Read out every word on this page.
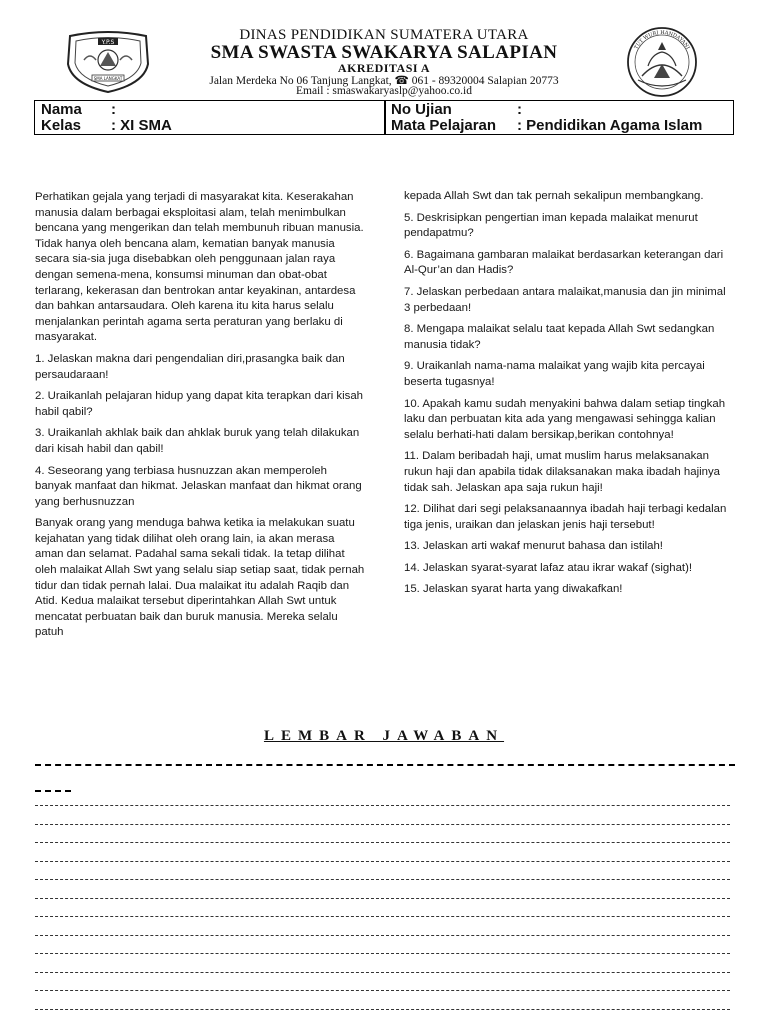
Y.P.S
SMA LANGKAT
DINAS PENDIDIKAN SUMATERA UTARA
SMA SWASTA SWAKARYA SALAPIAN
AKREDITASI A
Jalan Merdeka No 06 Tanjung Langkat, ☎ 061 - 89320004 Salapian 20773
Email : smaswakaryaslp@yahoo.co.id
TUT WURI HANDAYANI
Nama :
Kelas : XI SMA
No Ujian	:
Mata Pelajaran : Pendidikan Agama Islam

Perhatikan gejala yang terjadi di masyarakat kita. Keserakahan manusia dalam berbagai eksploitasi alam, telah menimbulkan bencana yang mengerikan dan telah membunuh ribuan manusia. Tidak hanya oleh bencana alam, kematian banyak manusia secara sia-sia juga disebabkan oleh penggunaan jalan raya dengan semena-mena, konsumsi minuman dan obat-obat terlarang, kekerasan dan bentrokan antar keyakinan, antardesa dan bahkan antarsaudara. Oleh karena itu kita harus selalu menjalankan perintah agama serta peraturan yang berlaku di masyarakat.

1. Jelaskan makna dari pengendalian diri,prasangka baik dan persaudaraan!

2. Uraikanlah pelajaran hidup yang dapat kita terapkan dari kisah habil qabil?

3. Uraikanlah akhlak baik dan ahklak buruk yang telah dilakukan dari kisah habil dan qabil!

4. Seseorang yang terbiasa husnuzzan akan memperoleh banyak manfaat dan hikmat. Jelaskan manfaat dan hikmat orang yang berhusnuzzan

Banyak orang yang menduga bahwa ketika ia melakukan suatu kejahatan yang tidak dilihat oleh orang lain, ia akan merasa aman dan selamat. Padahal sama sekali tidak. Ia tetap dilihat oleh malaikat Allah Swt yang selalu siap setiap saat, tidak pernah tidur dan tidak pernah lalai. Dua malaikat itu adalah Raqib dan Atid. Kedua malaikat tersebut diperintahkan Allah Swt untuk mencatat perbuatan baik dan buruk manusia. Mereka selalu patuh

kepada Allah Swt dan tak pernah sekalipun membangkang.

5. Deskrisipkan pengertian iman kepada malaikat menurut pendapatmu?

6. Bagaimana gambaran malaikat berdasarkan keterangan dari Al-Qur’an dan Hadis?

7. Jelaskan perbedaan antara malaikat,manusia dan jin minimal 3 perbedaan!

8. Mengapa malaikat selalu taat kepada Allah Swt sedangkan manusia tidak?

9. Uraikanlah nama-nama malaikat yang wajib kita percayai beserta tugasnya!

10. Apakah kamu sudah menyakini bahwa dalam setiap tingkah laku dan perbuatan kita ada yang mengawasi sehingga kalian selalu berhati-hati dalam bersikap,berikan contohnya!

11. Dalam beribadah haji, umat muslim harus melaksanakan rukun haji dan apabila tidak dilaksanakan maka ibadah hajinya tidak sah. Jelaskan apa saja rukun haji!

12. Dilihat dari segi pelaksanaannya ibadah haji terbagi kedalan tiga jenis, uraikan dan jelaskan jenis haji tersebut!

13. Jelaskan arti wakaf menurut bahasa dan istilah!

14. Jelaskan syarat-syarat lafaz atau ikrar wakaf (sighat)!

15. Jelaskan syarat harta yang diwakafkan!

LEMBAR JAWABAN
